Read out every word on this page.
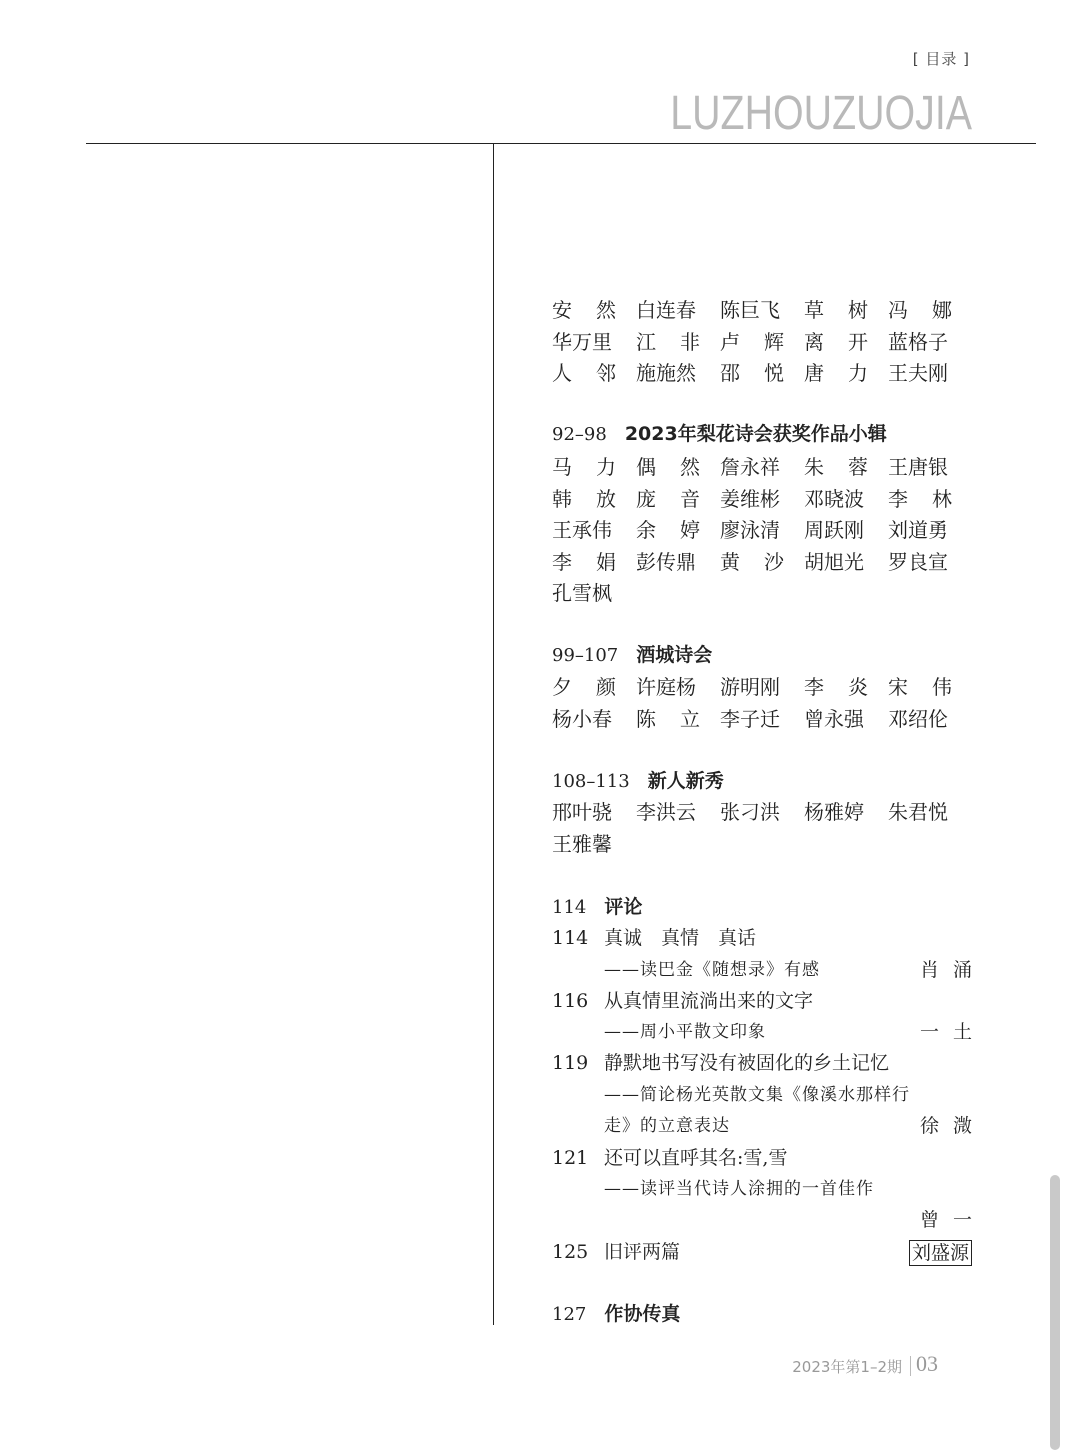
[ 目录 ]
LUZHOUZUOJIA
安 然 白连春 陈巨飞 草 树 冯 娜
华万里 江 非 卢 辉 离 开 蓝格子
人 邻 施施然 邵 悦 唐 力 王夫刚
92–98 2023年梨花诗会获奖作品小辑
马 力 偶 然 詹永祥 朱 蓉 王唐银
韩 放 庞 音 姜维彬 邓晓波 李 林
王承伟 余 婷 廖泳清 周跃刚 刘道勇
李 娟 彭传鼎 黄 沙 胡旭光 罗良宣
孔雪枫
99–107 酒城诗会
夕 颜 许庭杨 游明刚 李 炎 宋 伟
杨小春 陈 立 李子迁 曾永强 邓绍伦
108–113 新人新秀
邢叶骁 李洪云 张刁洪 杨雅婷 朱君悦
王雅馨
114 评论
114 真诚　真情　真话
——读巴金《随想录》有感	肖涌
116 从真情里流淌出来的文字
——周小平散文印象	一土
119 静默地书写没有被固化的乡土记忆
——简论杨光英散文集《像溪水那样行
走》的立意表达	徐溦
121 还可以直呼其名:雪,雪
——读评当代诗人涂拥的一首佳作
曾一
125 旧评两篇	刘盛源
127 作协传真
2023年第1–2期 03
